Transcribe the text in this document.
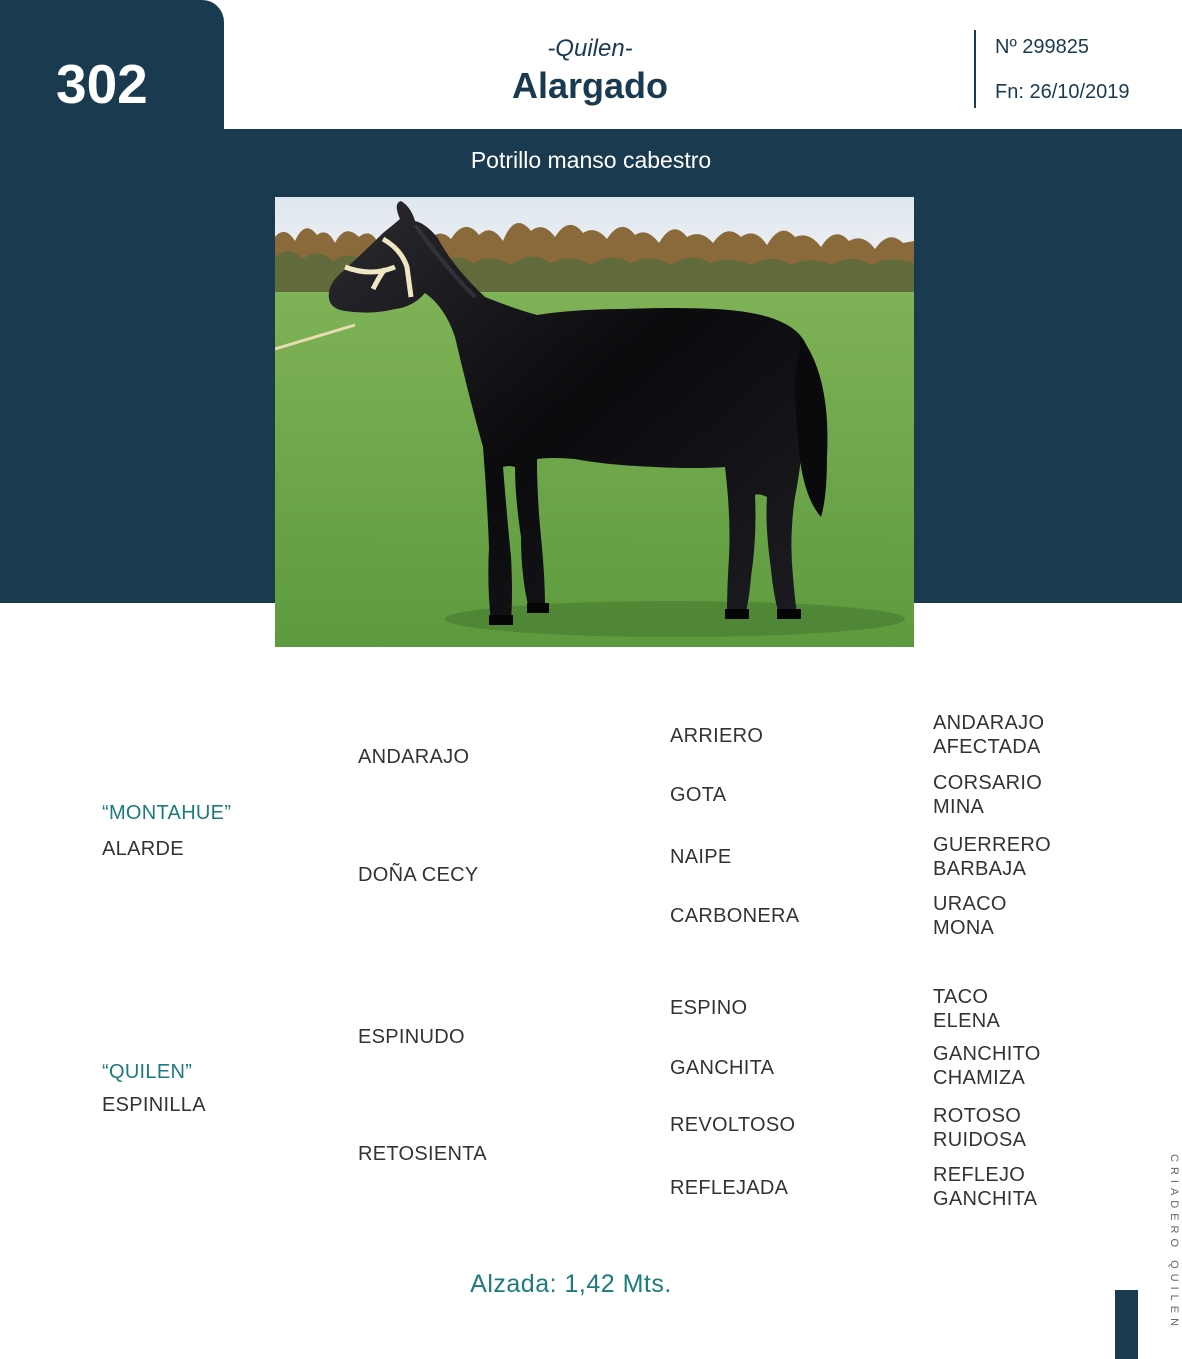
302
-Quilen-
Alargado
Nº 299825
Fn: 26/10/2019
Potrillo manso cabestro
“MONTAHUE”
ALARDE
“QUILEN”
ESPINILLA
ANDARAJO
DOÑA CECY
ESPINUDO
RETOSIENTA
ARRIERO
GOTA
NAIPE
CARBONERA
ESPINO
GANCHITA
REVOLTOSO
REFLEJADA
ANDARAJO
AFECTADA
CORSARIO
MINA
GUERRERO
BARBAJA
URACO
MONA
TACO
ELENA
GANCHITO
CHAMIZA
ROTOSO
RUIDOSA
REFLEJO
GANCHITA
Alzada: 1,42 Mts.	CRIADERO QUILEN
